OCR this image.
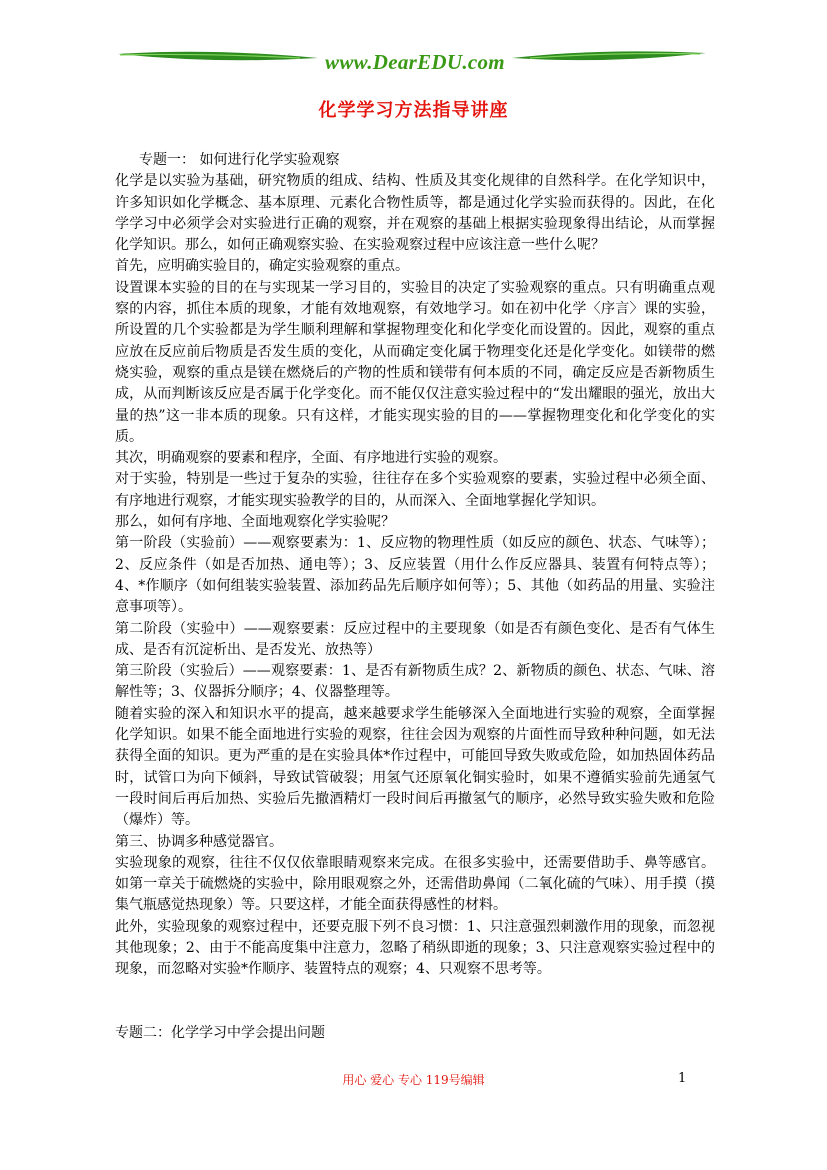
www.DearEDU.com
化学学习方法指导讲座

专题一： 如何进行化学实验观察

化学是以实验为基础，研究物质的组成、结构、性质及其变化规律的自然科学。在化学知识中，许多知识如化学概念、基本原理、元素化合物性质等，都是通过化学实验而获得的。因此，在化学学习中必须学会对实验进行正确的观察，并在观察的基础上根据实验现象得出结论，从而掌握化学知识。那么，如何正确观察实验、在实验观察过程中应该注意一些什么呢？

首先，应明确实验目的，确定实验观察的重点。

设置课本实验的目的在与实现某一学习目的，实验目的决定了实验观察的重点。只有明确重点观察的内容，抓住本质的现象，才能有效地观察，有效地学习。如在初中化学〈序言〉课的实验，所设置的几个实验都是为学生顺利理解和掌握物理变化和化学变化而设置的。因此，观察的重点应放在反应前后物质是否发生质的变化，从而确定变化属于物理变化还是化学变化。如镁带的燃烧实验，观察的重点是镁在燃烧后的产物的性质和镁带有何本质的不同，确定反应是否新物质生成，从而判断该反应是否属于化学变化。而不能仅仅注意实验过程中的“发出耀眼的强光，放出大量的热”这一非本质的现象。只有这样，才能实现实验的目的——掌握物理变化和化学变化的实质。

其次，明确观察的要素和程序，全面、有序地进行实验的观察。

对于实验，特别是一些过于复杂的实验，往往存在多个实验观察的要素，实验过程中必须全面、有序地进行观察，才能实现实验教学的目的，从而深入、全面地掌握化学知识。

那么，如何有序地、全面地观察化学实验呢？

第一阶段（实验前）——观察要素为：1、反应物的物理性质（如反应的颜色、状态、气味等）；2、反应条件（如是否加热、通电等）；3、反应装置（用什么作反应器具、装置有何特点等）；4、*作顺序（如何组装实验装置、添加药品先后顺序如何等）；5、其他（如药品的用量、实验注意事项等）。

第二阶段（实验中）——观察要素：反应过程中的主要现象（如是否有颜色变化、是否有气体生成、是否有沉淀析出、是否发光、放热等）

第三阶段（实验后）——观察要素：1、是否有新物质生成？2、新物质的颜色、状态、气味、溶解性等；3、仪器拆分顺序；4、仪器整理等。

随着实验的深入和知识水平的提高，越来越要求学生能够深入全面地进行实验的观察，全面掌握化学知识。如果不能全面地进行实验的观察，往往会因为观察的片面性而导致种种问题，如无法获得全面的知识。更为严重的是在实验具体*作过程中，可能回导致失败或危险，如加热固体药品时，试管口为向下倾斜，导致试管破裂；用氢气还原氧化铜实验时，如果不遵循实验前先通氢气一段时间后再后加热、实验后先撤酒精灯一段时间后再撤氢气的顺序，必然导致实验失败和危险（爆炸）等。

第三、协调多种感觉器官。

实验现象的观察，往往不仅仅依靠眼睛观察来完成。在很多实验中，还需要借助手、鼻等感官。如第一章关于硫燃烧的实验中，除用眼观察之外，还需借助鼻闻（二氧化硫的气味）、用手摸（摸集气瓶感觉热现象）等。只要这样，才能全面获得感性的材料。

此外，实验现象的观察过程中，还要克服下列不良习惯：1、只注意强烈刺激作用的现象，而忽视其他现象；2、由于不能高度集中注意力，忽略了稍纵即逝的现象；3、只注意观察实验过程中的现象，而忽略对实验*作顺序、装置特点的观察；4、只观察不思考等。

专题二：化学学习中学会提出问题

用心 爱心 专心 119号编辑	1
